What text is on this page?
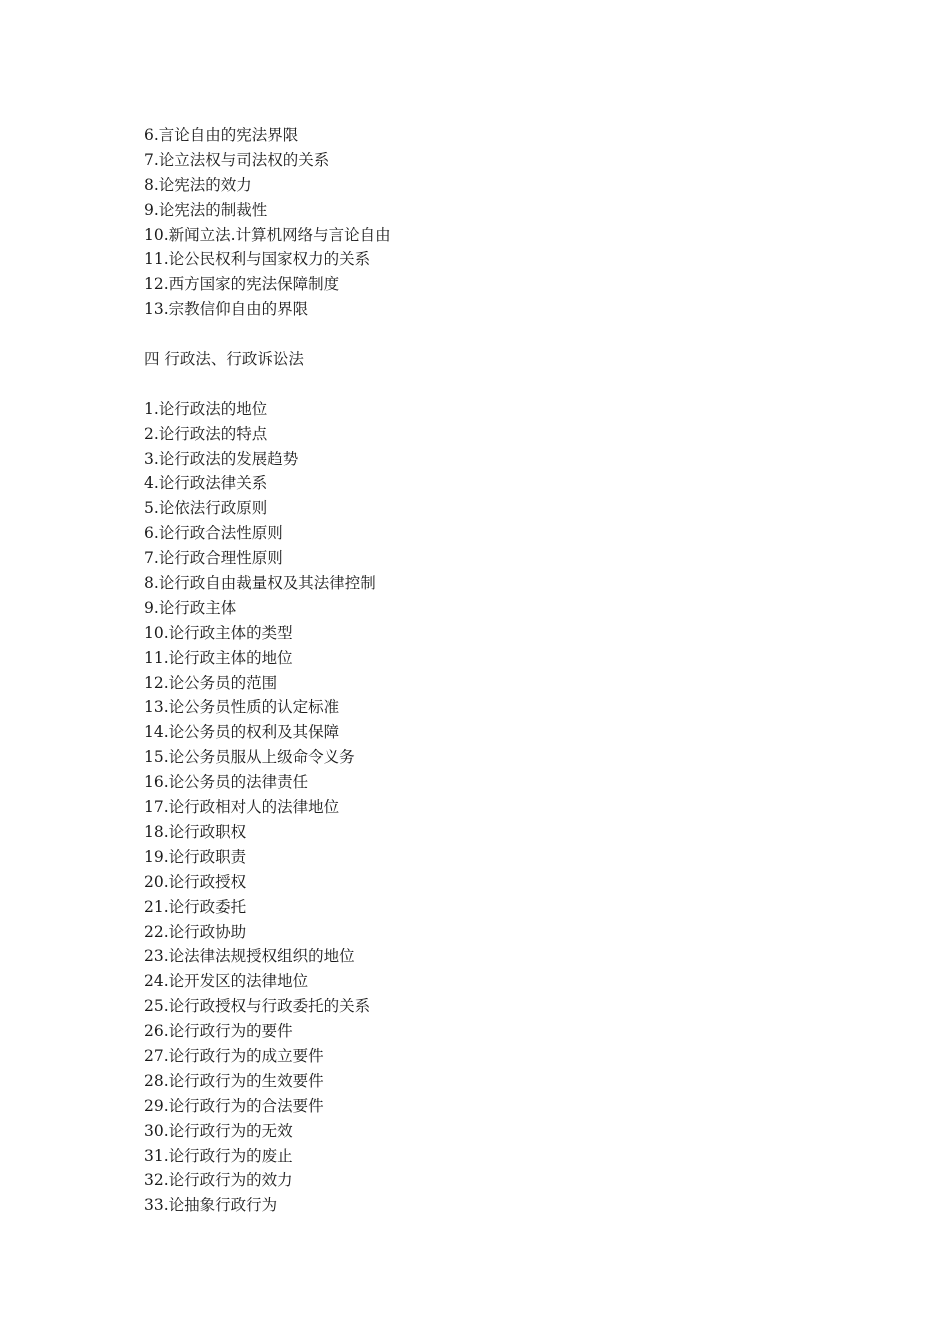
6.言论自由的宪法界限
7.论立法权与司法权的关系
8.论宪法的效力
9.论宪法的制裁性
10.新闻立法.计算机网络与言论自由
11.论公民权利与国家权力的关系
12.西方国家的宪法保障制度
13.宗教信仰自由的界限
四 行政法、行政诉讼法
1.论行政法的地位
2.论行政法的特点
3.论行政法的发展趋势
4.论行政法律关系
5.论依法行政原则
6.论行政合法性原则
7.论行政合理性原则
8.论行政自由裁量权及其法律控制
9.论行政主体
10.论行政主体的类型
11.论行政主体的地位
12.论公务员的范围
13.论公务员性质的认定标准
14.论公务员的权利及其保障
15.论公务员服从上级命令义务
16.论公务员的法律责任
17.论行政相对人的法律地位
18.论行政职权
19.论行政职责
20.论行政授权
21.论行政委托
22.论行政协助
23.论法律法规授权组织的地位
24.论开发区的法律地位
25.论行政授权与行政委托的关系
26.论行政行为的要件
27.论行政行为的成立要件
28.论行政行为的生效要件
29.论行政行为的合法要件
30.论行政行为的无效
31.论行政行为的废止
32.论行政行为的效力
33.论抽象行政行为
